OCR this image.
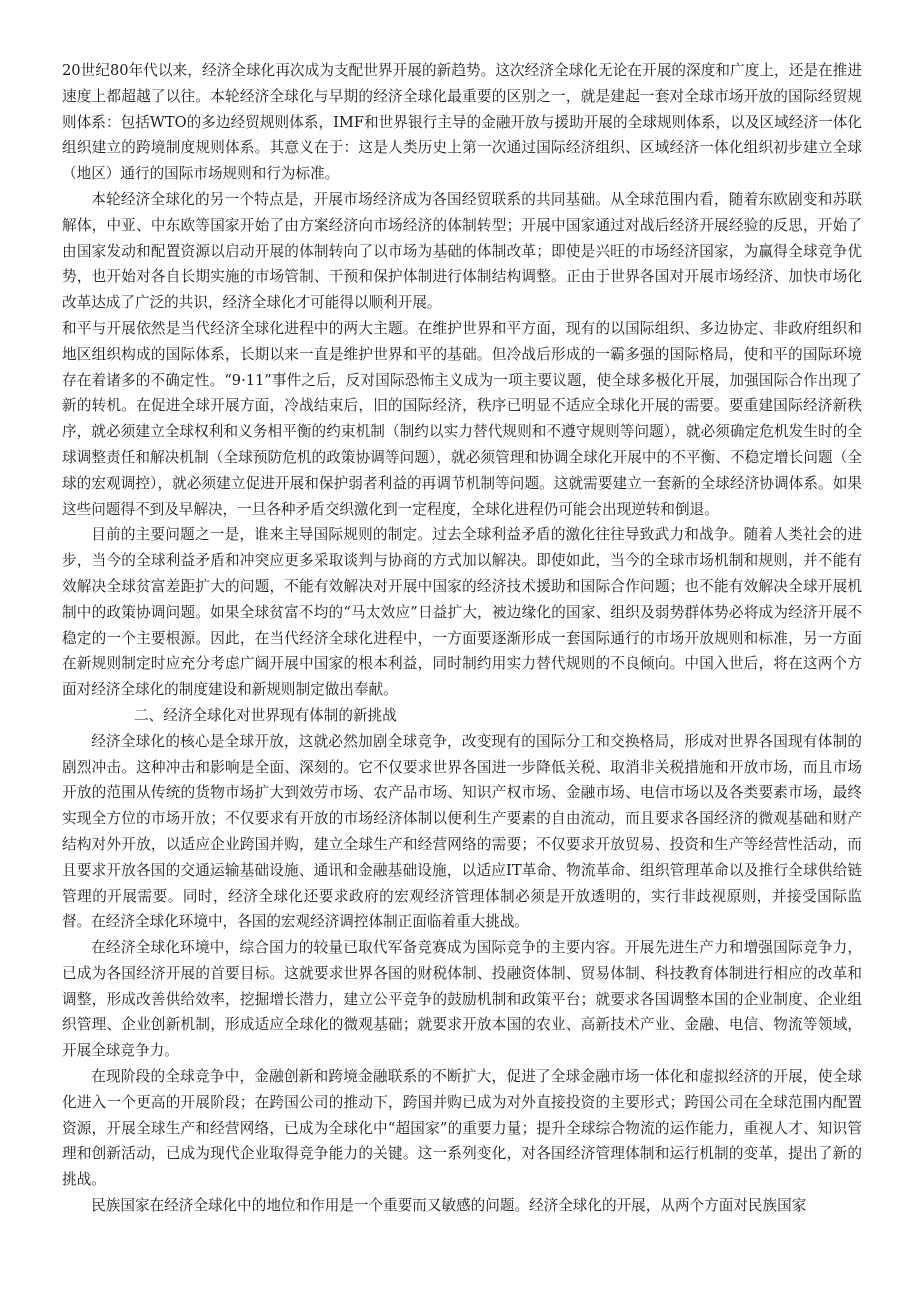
20世纪80年代以来，经济全球化再次成为支配世界开展的新趋势。这次经济全球化无论在开展的深度和广度上，还是在推进速度上都超越了以往。本轮经济全球化与早期的经济全球化最重要的区别之一，就是建起一套对全球市场开放的国际经贸规则体系：包括WTO的多边经贸规则体系，IMF和世界银行主导的金融开放与援助开展的全球规则体系，以及区域经济一体化组织建立的跨境制度规则体系。其意义在于：这是人类历史上第一次通过国际经济组织、区域经济一体化组织初步建立全球（地区）通行的国际市场规则和行为标准。

本轮经济全球化的另一个特点是，开展市场经济成为各国经贸联系的共同基础。从全球范围内看，随着东欧剧变和苏联解体，中亚、中东欧等国家开始了由方案经济向市场经济的体制转型；开展中国家通过对战后经济开展经验的反思，开始了由国家发动和配置资源以启动开展的体制转向了以市场为基础的体制改革；即使是兴旺的市场经济国家，为赢得全球竞争优势，也开始对各自长期实施的市场管制、干预和保护体制进行体制结构调整。正由于世界各国对开展市场经济、加快市场化改革达成了广泛的共识，经济全球化才可能得以顺利开展。

和平与开展依然是当代经济全球化进程中的两大主题。在维护世界和平方面，现有的以国际组织、多边协定、非政府组织和地区组织构成的国际体系，长期以来一直是维护世界和平的基础。但冷战后形成的一霸多强的国际格局，使和平的国际环境存在着诸多的不确定性。“9·11”事件之后，反对国际恐怖主义成为一项主要议题，使全球多极化开展，加强国际合作出现了新的转机。在促进全球开展方面，冷战结束后，旧的国际经济，秩序已明显不适应全球化开展的需要。要重建国际经济新秩序，就必须建立全球权利和义务相平衡的约束机制（制约以实力替代规则和不遵守规则等问题），就必须确定危机发生时的全球调整责任和解决机制（全球预防危机的政策协调等问题），就必须管理和协调全球化开展中的不平衡、不稳定增长问题（全球的宏观调控），就必须建立促进开展和保护弱者利益的再调节机制等问题。这就需要建立一套新的全球经济协调体系。如果这些问题得不到及早解决，一旦各种矛盾交织激化到一定程度，全球化进程仍可能会出现逆转和倒退。

目前的主要问题之一是，谁来主导国际规则的制定。过去全球利益矛盾的激化往往导致武力和战争。随着人类社会的进步，当今的全球利益矛盾和冲突应更多采取谈判与协商的方式加以解决。即使如此，当今的全球市场机制和规则，并不能有效解决全球贫富差距扩大的问题，不能有效解决对开展中国家的经济技术援助和国际合作问题；也不能有效解决全球开展机制中的政策协调问题。如果全球贫富不均的“马太效应”日益扩大，被边缘化的国家、组织及弱势群体势必将成为经济开展不稳定的一个主要根源。因此，在当代经济全球化进程中，一方面要逐渐形成一套国际通行的市场开放规则和标准，另一方面在新规则制定时应充分考虑广阔开展中国家的根本利益，同时制约用实力替代规则的不良倾向。中国入世后，将在这两个方面对经济全球化的制度建设和新规则制定做出奉献。

二、经济全球化对世界现有体制的新挑战

经济全球化的核心是全球开放，这就必然加剧全球竞争，改变现有的国际分工和交换格局，形成对世界各国现有体制的剧烈冲击。这种冲击和影响是全面、深刻的。它不仅要求世界各国进一步降低关税、取消非关税措施和开放市场，而且市场开放的范围从传统的货物市场扩大到效劳市场、农产品市场、知识产权市场、金融市场、电信市场以及各类要素市场，最终实现全方位的市场开放；不仅要求有开放的市场经济体制以便利生产要素的自由流动，而且要求各国经济的微观基础和财产结构对外开放，以适应企业跨国并购，建立全球生产和经营网络的需要；不仅要求开放贸易、投资和生产等经营性活动，而且要求开放各国的交通运输基础设施、通讯和金融基础设施，以适应IT革命、物流革命、组织管理革命以及推行全球供给链管理的开展需要。同时，经济全球化还要求政府的宏观经济管理体制必须是开放透明的，实行非歧视原则，并接受国际监督。在经济全球化环境中，各国的宏观经济调控体制正面临着重大挑战。

在经济全球化环境中，综合国力的较量已取代军备竞赛成为国际竞争的主要内容。开展先进生产力和增强国际竞争力，已成为各国经济开展的首要目标。这就要求世界各国的财税体制、投融资体制、贸易体制、科技教育体制进行相应的改革和调整，形成改善供给效率，挖掘增长潜力，建立公平竞争的鼓励机制和政策平台；就要求各国调整本国的企业制度、企业组织管理、企业创新机制，形成适应全球化的微观基础；就要求开放本国的农业、高新技术产业、金融、电信、物流等领域，开展全球竞争力。

在现阶段的全球竞争中，金融创新和跨境金融联系的不断扩大，促进了全球金融市场一体化和虚拟经济的开展，使全球化进入一个更高的开展阶段；在跨国公司的推动下，跨国并购已成为对外直接投资的主要形式；跨国公司在全球范围内配置资源，开展全球生产和经营网络，已成为全球化中“超国家”的重要力量；提升全球综合物流的运作能力，重视人才、知识管理和创新活动，已成为现代企业取得竞争能力的关键。这一系列变化，对各国经济管理体制和运行机制的变革，提出了新的挑战。

民族国家在经济全球化中的地位和作用是一个重要而又敏感的问题。经济全球化的开展，从两个方面对民族国家
